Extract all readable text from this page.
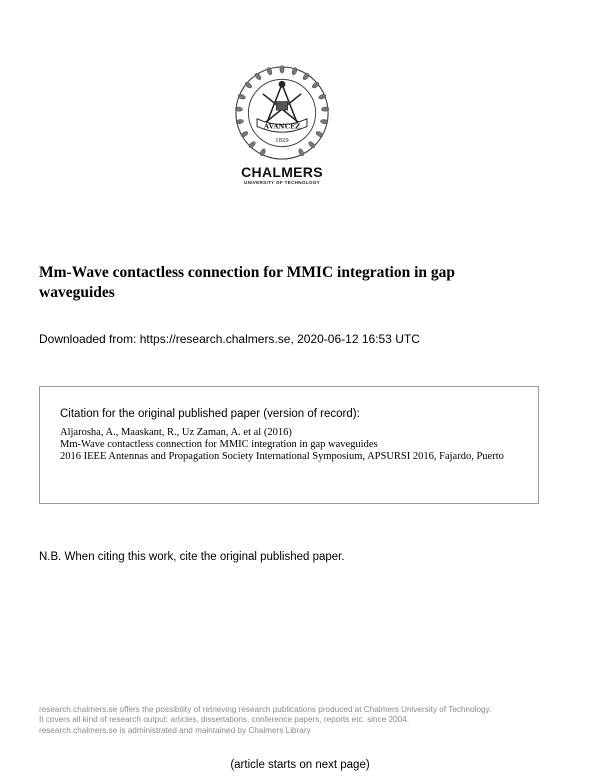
AVANCEZ
1829
CHALMERS
UNIVERSITY OF TECHNOLOGY
Mm-Wave contactless connection for MMIC integration in gap
waveguides
Downloaded from: https://research.chalmers.se, 2020-06-12 16:53 UTC
Citation for the original published paper (version of record):
Aljarosha, A., Maaskant, R., Uz Zaman, A. et al (2016)
Mm-Wave contactless connection for MMIC integration in gap waveguides
2016 IEEE Antennas and Propagation Society International Symposium, APSURSI 2016, Fajardo, Puerto
N.B. When citing this work, cite the original published paper.
research.chalmers.se offers the possibility of retrieving research publications produced at Chalmers University of Technology.
It covers all kind of research output: articles, dissertations, conference papers, reports etc. since 2004.
research.chalmers.se is administrated and maintained by Chalmers Library
(article starts on next page)
